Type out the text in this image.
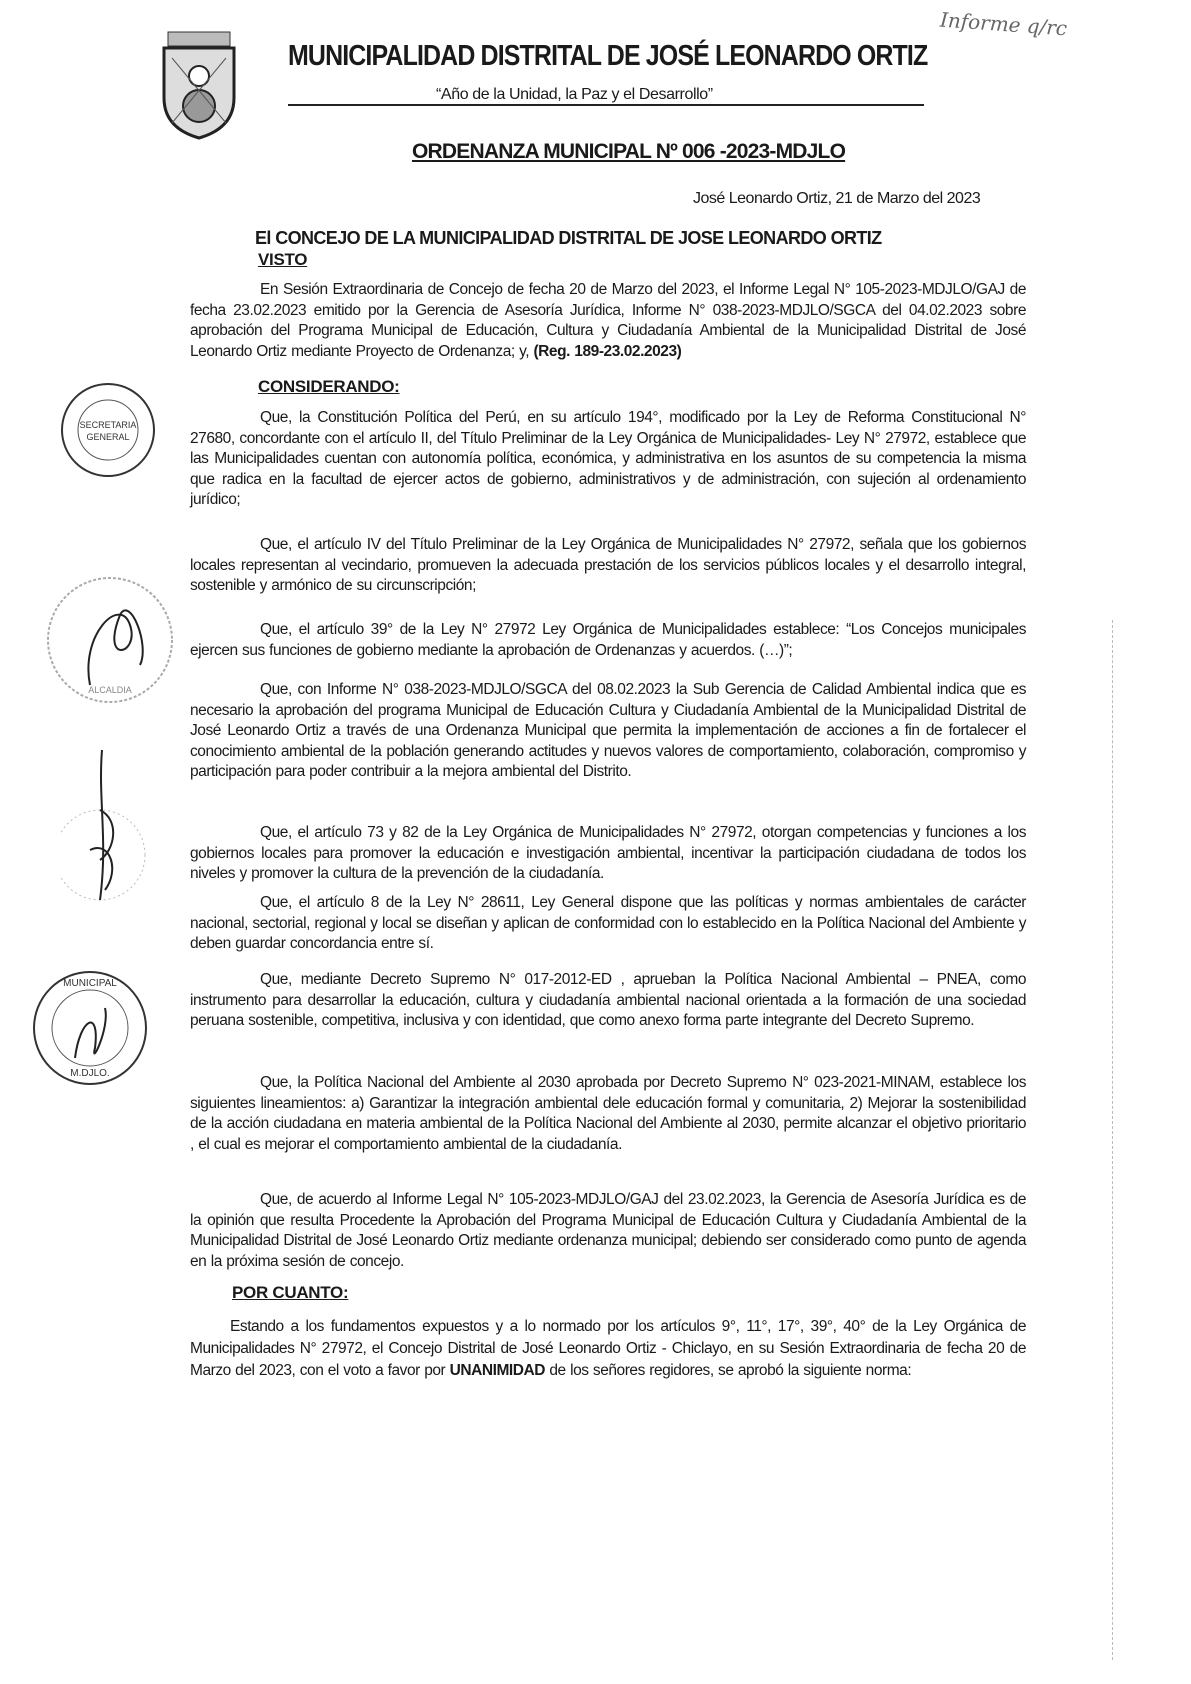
MUNICIPALIDAD DISTRITAL DE JOSÉ LEONARDO ORTIZ
“Año de la Unidad, la Paz y el Desarrollo”
Informe q/rc
ORDENANZA MUNICIPAL Nº 006 -2023-MDJLO
José Leonardo Ortiz, 21 de Marzo del 2023
El CONCEJO DE LA MUNICIPALIDAD DISTRITAL DE JOSE LEONARDO ORTIZ
VISTO
En Sesión Extraordinaria de Concejo de fecha 20 de Marzo del 2023, el Informe Legal N° 105-2023-MDJLO/GAJ de fecha 23.02.2023 emitido por la Gerencia de Asesoría Jurídica, Informe N° 038-2023-MDJLO/SGCA del 04.02.2023 sobre aprobación del Programa Municipal de Educación, Cultura y Ciudadanía Ambiental de la Municipalidad Distrital de José Leonardo Ortiz mediante Proyecto de Ordenanza; y, (Reg. 189-23.02.2023)
CONSIDERANDO:
Que, la Constitución Política del Perú, en su artículo 194°, modificado por la Ley de Reforma Constitucional N° 27680, concordante con el artículo II, del Título Preliminar de la Ley Orgánica de Municipalidades- Ley N° 27972, establece que las Municipalidades cuentan con autonomía política, económica, y administrativa en los asuntos de su competencia la misma que radica en la facultad de ejercer actos de gobierno, administrativos y de administración, con sujeción al ordenamiento jurídico;
Que, el artículo IV del Título Preliminar de la Ley Orgánica de Municipalidades N° 27972, señala que los gobiernos locales representan al vecindario, promueven la adecuada prestación de los servicios públicos locales y el desarrollo integral, sostenible y armónico de su circunscripción;
Que, el artículo 39° de la Ley N° 27972 Ley Orgánica de Municipalidades establece: “Los Concejos municipales ejercen sus funciones de gobierno mediante la aprobación de Ordenanzas y acuerdos. (…)”;
Que, con Informe N° 038-2023-MDJLO/SGCA del 08.02.2023 la Sub Gerencia de Calidad Ambiental indica que es necesario la aprobación del programa Municipal de Educación Cultura y Ciudadanía Ambiental de la Municipalidad Distrital de José Leonardo Ortiz a través de una Ordenanza Municipal que permita la implementación de acciones a fin de fortalecer el conocimiento ambiental de la población generando actitudes y nuevos valores de comportamiento, colaboración, compromiso y participación para poder contribuir a la mejora ambiental del Distrito.
Que, el artículo 73 y 82 de la Ley Orgánica de Municipalidades N° 27972, otorgan competencias y funciones a los gobiernos locales para promover la educación e investigación ambiental, incentivar la participación ciudadana de todos los niveles y promover la cultura de la prevención de la ciudadanía.
Que, el artículo 8 de la Ley N° 28611, Ley General dispone que las políticas y normas ambientales de carácter nacional, sectorial, regional y local se diseñan y aplican de conformidad con lo establecido en la Política Nacional del Ambiente y deben guardar concordancia entre sí.
Que, mediante Decreto Supremo N° 017-2012-ED , aprueban la Política Nacional Ambiental – PNEA, como instrumento para desarrollar la educación, cultura y ciudadanía ambiental nacional orientada a la formación de una sociedad peruana sostenible, competitiva, inclusiva y con identidad, que como anexo forma parte integrante del Decreto Supremo.
Que, la Política Nacional del Ambiente al 2030 aprobada por Decreto Supremo N° 023-2021-MINAM, establece los siguientes lineamientos: a) Garantizar la integración ambiental dele educación formal y comunitaria, 2) Mejorar la sostenibilidad de la acción ciudadana en materia ambiental de la Política Nacional del Ambiente al 2030, permite alcanzar el objetivo prioritario , el cual es mejorar el comportamiento ambiental de la ciudadanía.
Que, de acuerdo al Informe Legal N° 105-2023-MDJLO/GAJ del 23.02.2023, la Gerencia de Asesoría Jurídica es de la opinión que resulta Procedente la Aprobación del Programa Municipal de Educación Cultura y Ciudadanía Ambiental de la Municipalidad Distrital de José Leonardo Ortiz mediante ordenanza municipal; debiendo ser considerado como punto de agenda en la próxima sesión de concejo.
POR CUANTO:
Estando a los fundamentos expuestos y a lo normado por los artículos 9°, 11°, 17°, 39°, 40° de la Ley Orgánica de Municipalidades N° 27972, el Concejo Distrital de José Leonardo Ortiz - Chiclayo, en su Sesión Extraordinaria de fecha 20 de Marzo del 2023, con el voto a favor por UNANIMIDAD de los señores regidores, se aprobó la siguiente norma:
SECRETARIA
GENERAL
ALCALDIA
MUNICIPAL
M.DJLO.
